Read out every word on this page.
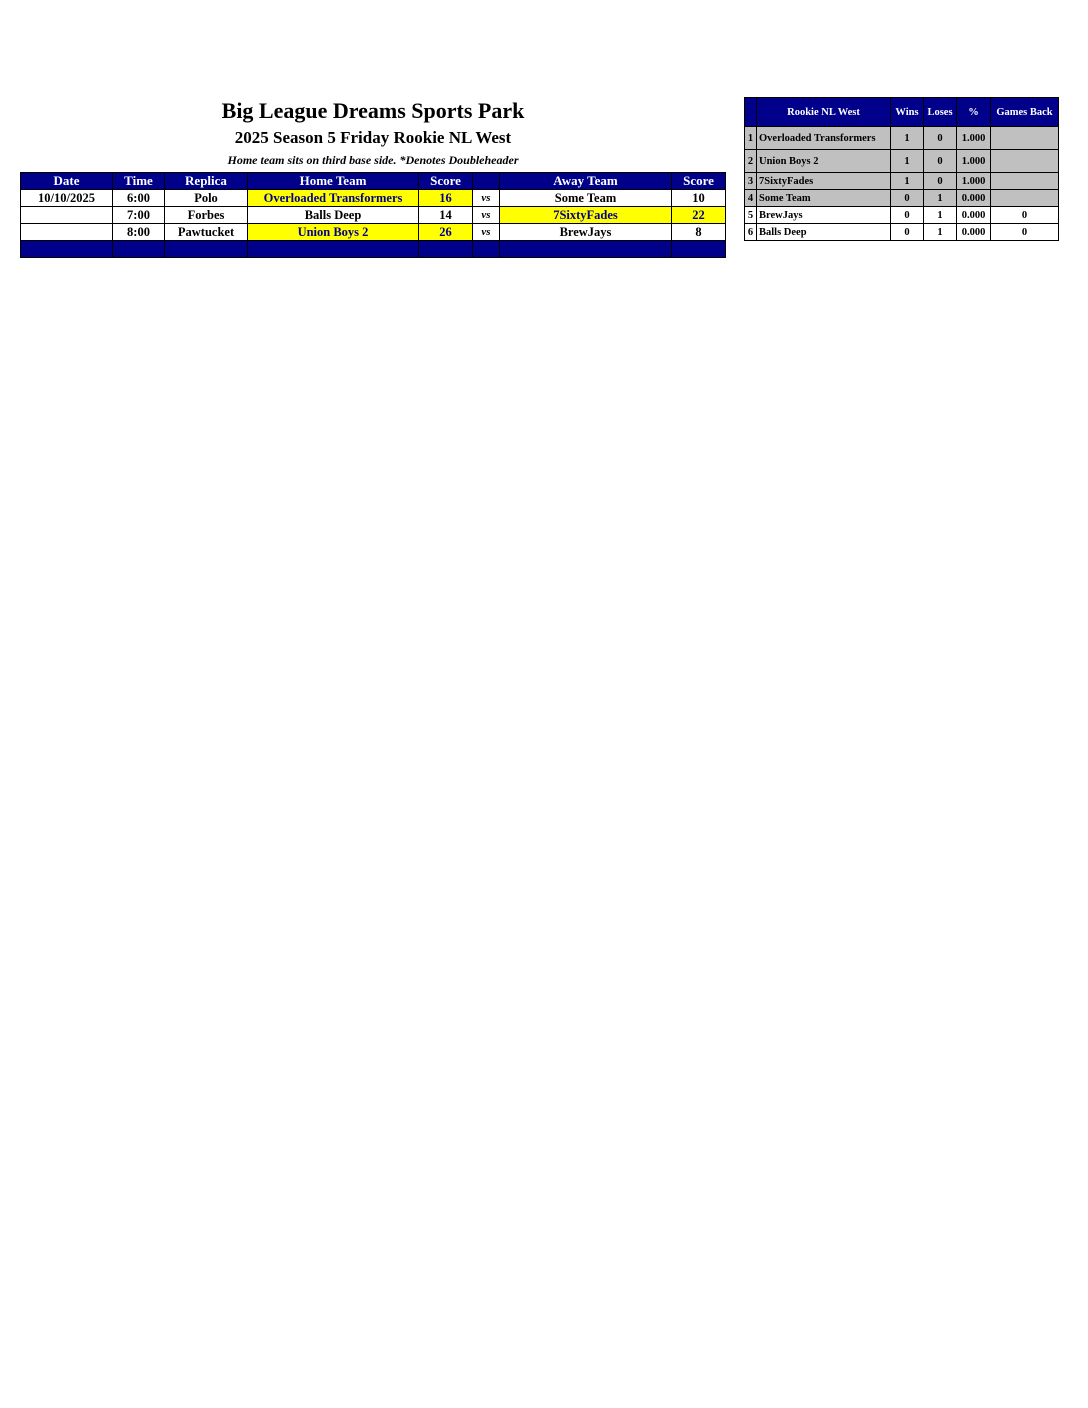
Big League Dreams Sports Park
2025 Season 5 Friday Rookie NL West
Home team sits on third base side. *Denotes Doubleheader
Date	Time	Replica	Home Team	Score		Away Team	Score
10/10/2025	6:00	Polo	Overloaded Transformers	16	vs	Some Team	10
	7:00	Forbes	Balls Deep	14	vs	7SixtyFades	22
	8:00	Pawtucket	Union Boys 2	26	vs	BrewJays	8

	Rookie NL West	Wins	Loses	%	Games Back
1	Overloaded Transformers	1	0	1.000	
2	Union Boys 2	1	0	1.000	
3	7SixtyFades	1	0	1.000	
4	Some Team	0	1	0.000	
5	BrewJays	0	1	0.000	0
6	Balls Deep	0	1	0.000	0
